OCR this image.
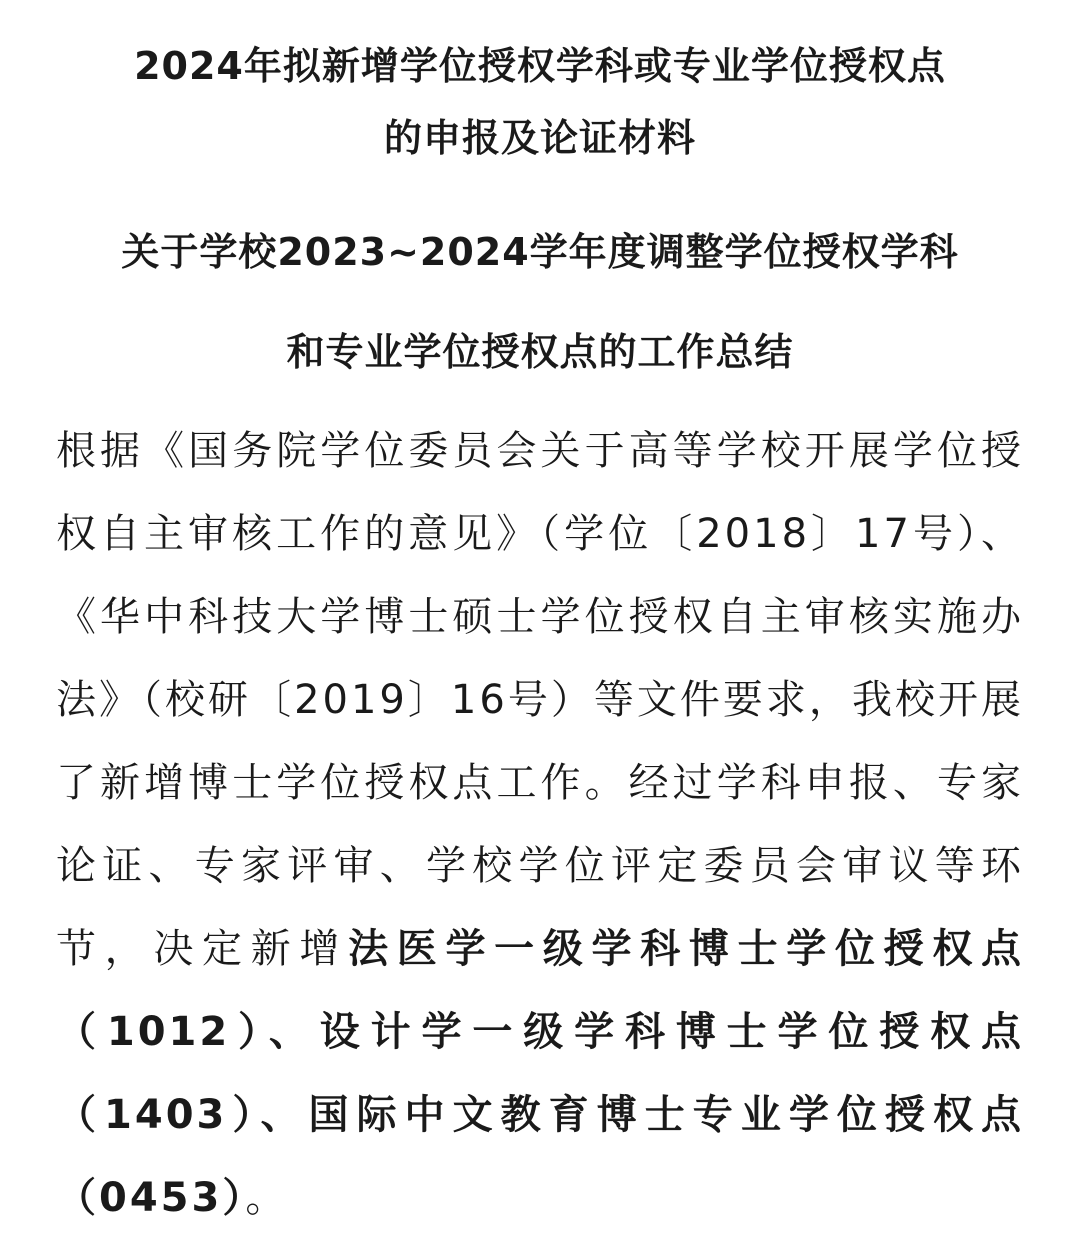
2024年拟新增学位授权学科或专业学位授权点

的申报及论证材料

关于学校2023~2024学年度调整学位授权学科

和专业学位授权点的工作总结

根据《国务院学位委员会关于高等学校开展学位授权自主审核工作的意见》（学位〔2018〕17号）、《华中科技大学博士硕士学位授权自主审核实施办法》（校研〔2019〕16号）等文件要求，我校开展了新增博士学位授权点工作。经过学科申报、专家论证、专家评审、学校学位评定委员会审议等环节，决定新增法医学一级学科博士学位授权点（1012）、设计学一级学科博士学位授权点（1403）、国际中文教育博士专业学位授权点（0453）。
